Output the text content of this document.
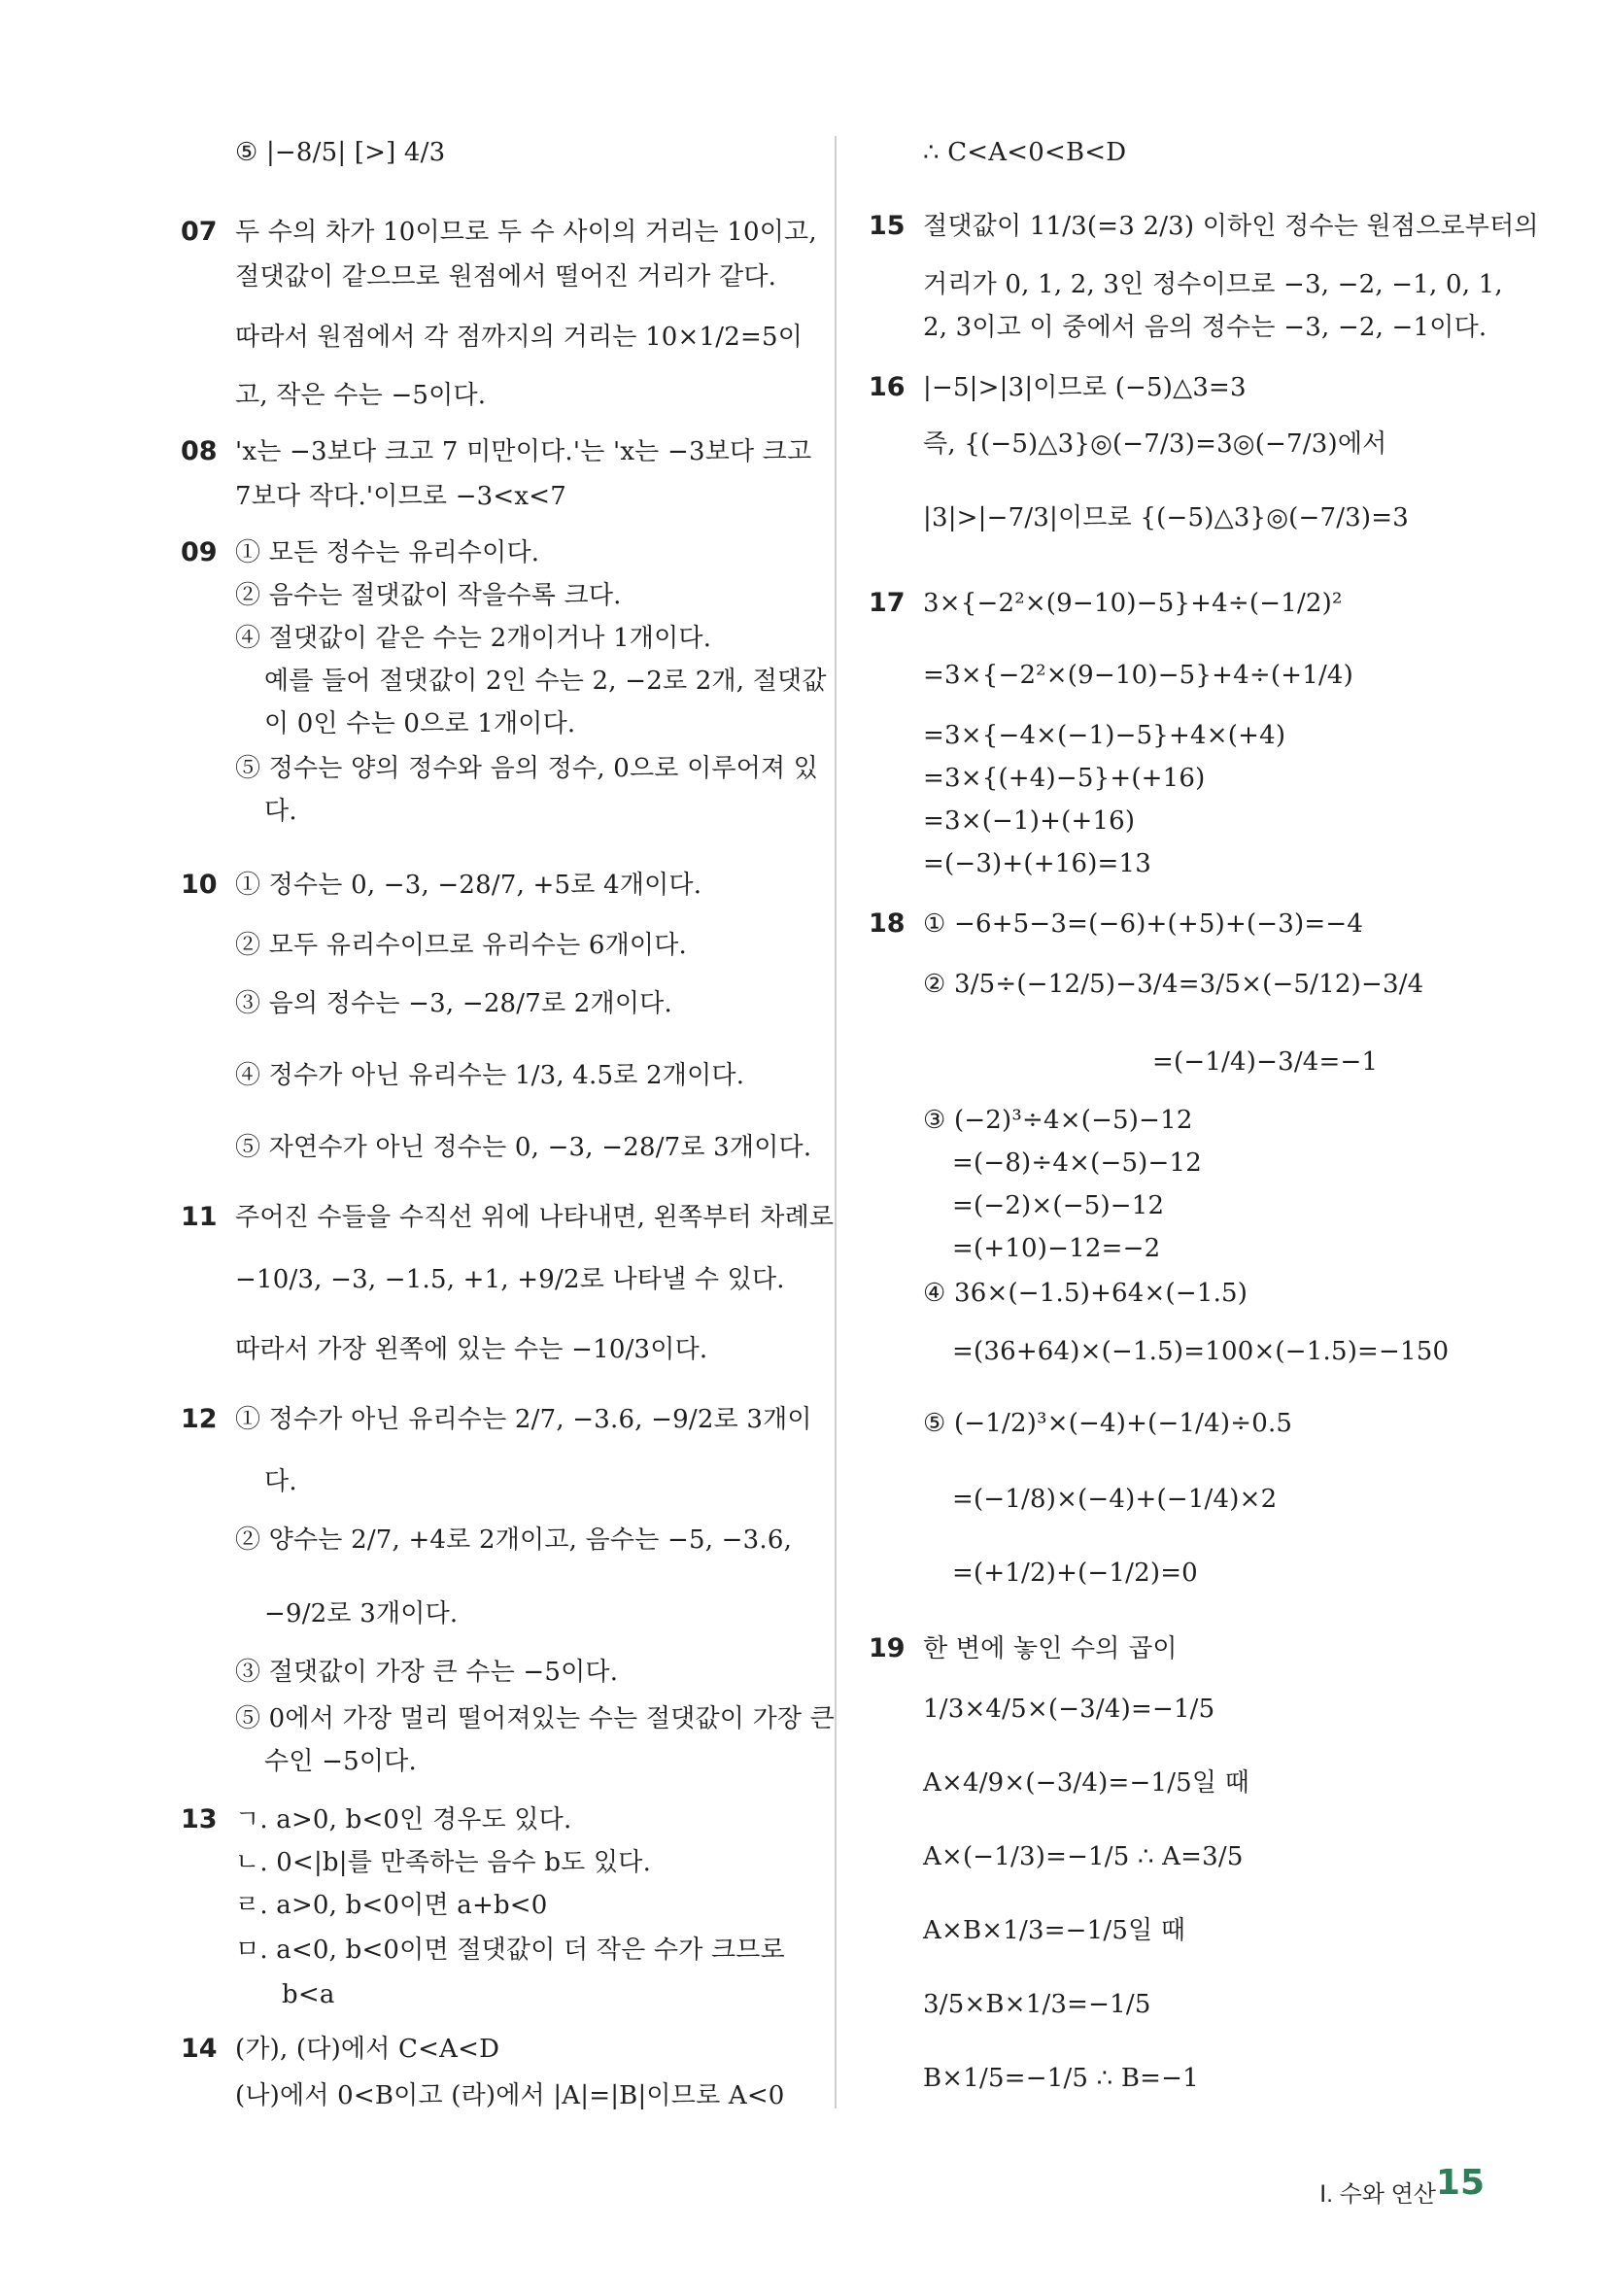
⑤ |−8/5| [>] 4/3
07 두 수의 차가 10이므로 두 수 사이의 거리는 10이고,
절댓값이 같으므로 원점에서 떨어진 거리가 같다.
따라서 원점에서 각 점까지의 거리는 10×1/2=5이
고, 작은 수는 −5이다.
08 'x는 −3보다 크고 7 미만이다.'는 'x는 −3보다 크고
7보다 작다.'이므로 −3<x<7
09 ① 모든 정수는 유리수이다.
② 음수는 절댓값이 작을수록 크다.
④ 절댓값이 같은 수는 2개이거나 1개이다.
예를 들어 절댓값이 2인 수는 2, −2로 2개, 절댓값
이 0인 수는 0으로 1개이다.
⑤ 정수는 양의 정수와 음의 정수, 0으로 이루어져 있
다.
10 ① 정수는 0, −3, −28/7, +5로 4개이다.
② 모두 유리수이므로 유리수는 6개이다.
③ 음의 정수는 −3, −28/7로 2개이다.
④ 정수가 아닌 유리수는 1/3, 4.5로 2개이다.
⑤ 자연수가 아닌 정수는 0, −3, −28/7로 3개이다.
11 주어진 수들을 수직선 위에 나타내면, 왼쪽부터 차례로
−10/3, −3, −1.5, +1, +9/2로 나타낼 수 있다.
따라서 가장 왼쪽에 있는 수는 −10/3이다.
12 ① 정수가 아닌 유리수는 2/7, −3.6, −9/2로 3개이
다.
② 양수는 2/7, +4로 2개이고, 음수는 −5, −3.6,
−9/2로 3개이다.
③ 절댓값이 가장 큰 수는 −5이다.
⑤ 0에서 가장 멀리 떨어져있는 수는 절댓값이 가장 큰
수인 −5이다.
13 ㄱ. a>0, b<0인 경우도 있다.
ㄴ. 0<|b|를 만족하는 음수 b도 있다.
ㄹ. a>0, b<0이면 a+b<0
ㅁ. a<0, b<0이면 절댓값이 더 작은 수가 크므로
b<a
14 (가), (다)에서 C<A<D
(나)에서 0<B이고 (라)에서 |A|=|B|이므로 A<0
∴ C<A<0<B<D
15 절댓값이 11/3(=3 2/3) 이하인 정수는 원점으로부터의
거리가 0, 1, 2, 3인 정수이므로 −3, −2, −1, 0, 1,
2, 3이고 이 중에서 음의 정수는 −3, −2, −1이다.
16 |−5|>|3|이므로 (−5)△3=3
즉, {(−5)△3}◎(−7/3)=3◎(−7/3)에서
|3|>|−7/3|이므로 {(−5)△3}◎(−7/3)=3
17 3×{−2²×(9−10)−5}+4÷(−1/2)²
=3×{−2²×(9−10)−5}+4÷(+1/4)
=3×{−4×(−1)−5}+4×(+4)
=3×{(+4)−5}+(+16)
=3×(−1)+(+16)
=(−3)+(+16)=13
18 ① −6+5−3=(−6)+(+5)+(−3)=−4
② 3/5÷(−12/5)−3/4=3/5×(−5/12)−3/4
=(−1/4)−3/4=−1
③ (−2)³÷4×(−5)−12
=(−8)÷4×(−5)−12
=(−2)×(−5)−12
=(+10)−12=−2
④ 36×(−1.5)+64×(−1.5)
=(36+64)×(−1.5)=100×(−1.5)=−150
⑤ (−1/2)³×(−4)+(−1/4)÷0.5
=(−1/8)×(−4)+(−1/4)×2
=(+1/2)+(−1/2)=0
19 한 변에 놓인 수의 곱이
1/3×4/5×(−3/4)=−1/5
A×4/9×(−3/4)=−1/5일 때
A×(−1/3)=−1/5 ∴ A=3/5
A×B×1/3=−1/5일 때
3/5×B×1/3=−1/5
B×1/5=−1/5 ∴ B=−1
Ⅰ. 수와 연산 15
